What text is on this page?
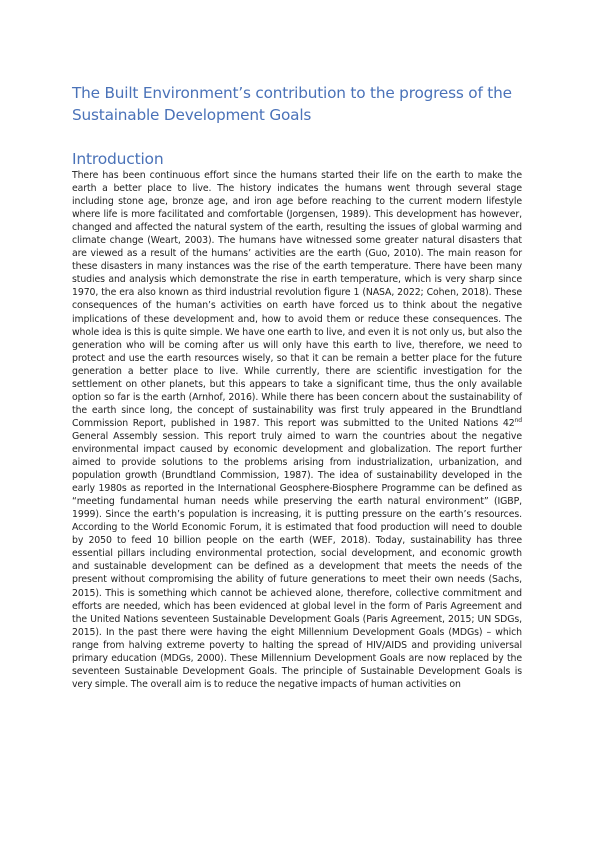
The Built Environment’s contribution to the progress of the Sustainable Development Goals
Introduction

There has been continuous effort since the humans started their life on the earth to make the earth a better place to live. The history indicates the humans went through several stage including stone age, bronze age, and iron age before reaching to the current modern lifestyle where life is more facilitated and comfortable (Jorgensen, 1989). This development has however, changed and affected the natural system of the earth, resulting the issues of global warming and climate change (Weart, 2003). The humans have witnessed some greater natural disasters that are viewed as a result of the humans’ activities are the earth (Guo, 2010). The main reason for these disasters in many instances was the rise of the earth temperature. There have been many studies and analysis which demonstrate the rise in earth temperature, which is very sharp since 1970, the era also known as third industrial revolution figure 1 (NASA, 2022; Cohen, 2018). These consequences of the human’s activities on earth have forced us to think about the negative implications of these development and, how to avoid them or reduce these consequences. The whole idea is this is quite simple. We have one earth to live, and even it is not only us, but also the generation who will be coming after us will only have this earth to live, therefore, we need to protect and use the earth resources wisely, so that it can be remain a better place for the future generation a better place to live. While currently, there are scientific investigation for the settlement on other planets, but this appears to take a significant time, thus the only available option so far is the earth (Arnhof, 2016). While there has been concern about the sustainability of the earth since long, the concept of sustainability was first truly appeared in the Brundtland Commission Report, published in 1987. This report was submitted to the United Nations 42nd General Assembly session. This report truly aimed to warn the countries about the negative environmental impact caused by economic development and globalization. The report further aimed to provide solutions to the problems arising from industrialization, urbanization, and population growth (Brundtland Commission, 1987). The idea of sustainability developed in the early 1980s as reported in the International Geosphere-Biosphere Programme can be defined as “meeting fundamental human needs while preserving the earth natural environment” (IGBP, 1999). Since the earth’s population is increasing, it is putting pressure on the earth’s resources. According to the World Economic Forum, it is estimated that food production will need to double by 2050 to feed 10 billion people on the earth (WEF, 2018). Today, sustainability has three essential pillars including environmental protection, social development, and economic growth and sustainable development can be defined as a development that meets the needs of the present without compromising the ability of future generations to meet their own needs (Sachs, 2015). This is something which cannot be achieved alone, therefore, collective commitment and efforts are needed, which has been evidenced at global level in the form of Paris Agreement and the United Nations seventeen Sustainable Development Goals (Paris Agreement, 2015; UN SDGs, 2015). In the past there were having the eight Millennium Development Goals (MDGs) – which range from halving extreme poverty to halting the spread of HIV/AIDS and providing universal primary education (MDGs, 2000). These Millennium Development Goals are now replaced by the seventeen Sustainable Development Goals. The principle of Sustainable Development Goals is very simple. The overall aim is to reduce the negative impacts of human activities on
